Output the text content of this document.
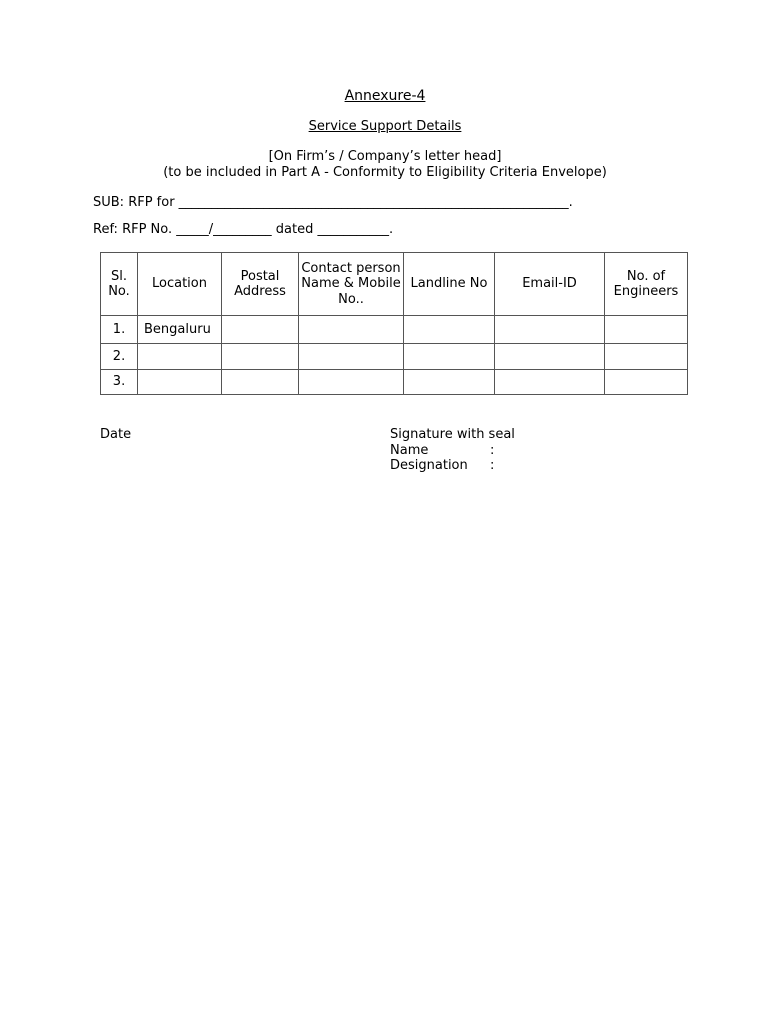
Annexure-4
Service Support Details
[On Firm’s / Company’s letter head]
(to be included in Part A - Conformity to Eligibility Criteria Envelope)
SUB: RFP for ____________________________________________________________.
Ref: RFP No. _____/_________ dated ___________.
Sl. No.	Location	Postal Address	Contact person Name & Mobile No..	Landline No	Email-ID	No. of Engineers
1.	Bengaluru					
2.						
3.						
Date	Signature with seal
Name	:
Designation	:
